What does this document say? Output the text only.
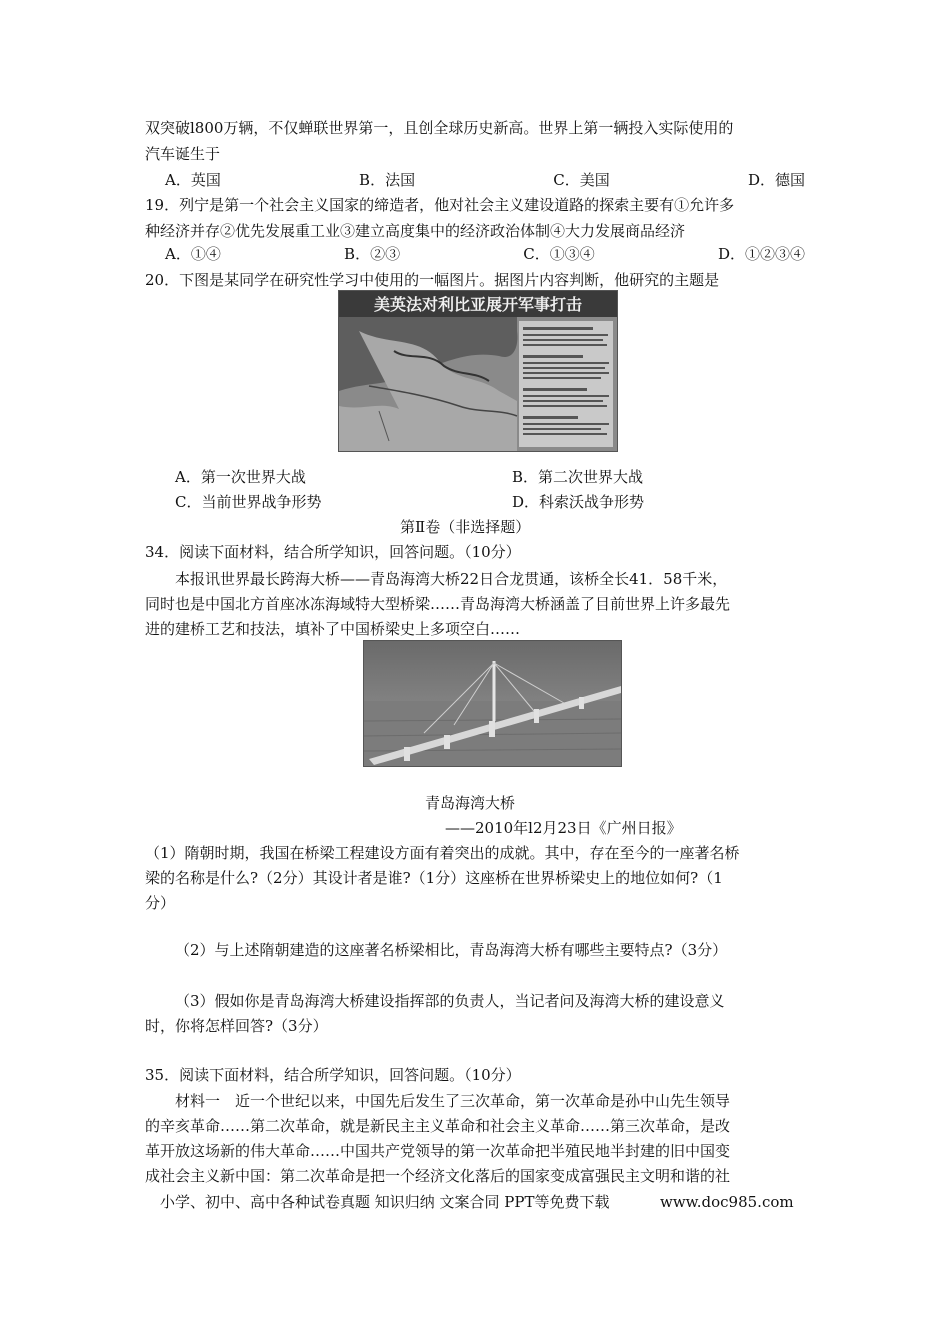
双突破l800万辆，不仅蝉联世界第一，且创全球历史新高。世界上第一辆投入实际使用的
汽车诞生于
A．英国	B．法国	C．美国	D．德国
19．列宁是第一个社会主义国家的缔造者，他对社会主义建设道路的探索主要有①允许多
种经济并存②优先发展重工业③建立高度集中的经济政治体制④大力发展商品经济
A．①④	B．②③	C．①③④	D．①②③④
20．下图是某同学在研究性学习中使用的一幅图片。据图片内容判断，他研究的主题是
美英法对利比亚展开军事打击
A．第一次世界大战	B．第二次世界大战
C．当前世界战争形势	D．科索沃战争形势
第Ⅱ卷（非选择题）
34．阅读下面材料，结合所学知识，回答问题。（10分）
本报讯世界最长跨海大桥——青岛海湾大桥22日合龙贯通，该桥全长41．58千米，
同时也是中国北方首座冰冻海域特大型桥梁……青岛海湾大桥涵盖了目前世界上许多最先
进的建桥工艺和技法，填补了中国桥梁史上多项空白……
青岛海湾大桥
——2010年l2月23日《广州日报》
（1）隋朝时期，我国在桥梁工程建设方面有着突出的成就。其中，存在至今的一座著名桥
梁的名称是什么?（2分）其设计者是谁?（1分）这座桥在世界桥梁史上的地位如何?（1
分）
（2）与上述隋朝建造的这座著名桥梁相比，青岛海湾大桥有哪些主要特点?（3分）
（3）假如你是青岛海湾大桥建设指挥部的负责人，当记者问及海湾大桥的建设意义
时，你将怎样回答?（3分）
35．阅读下面材料，结合所学知识，回答问题。（10分）
材料一　近一个世纪以来，中国先后发生了三次革命，第一次革命是孙中山先生领导
的辛亥革命……第二次革命，就是新民主主义革命和社会主义革命……第三次革命，是改
革开放这场新的伟大革命……中国共产党领导的第一次革命把半殖民地半封建的旧中国变
成社会主义新中国：第二次革命是把一个经济文化落后的国家变成富强民主文明和谐的社
小学、初中、高中各种试卷真题 知识归纳 文案合同 PPT等免费下载	www.doc985.com
